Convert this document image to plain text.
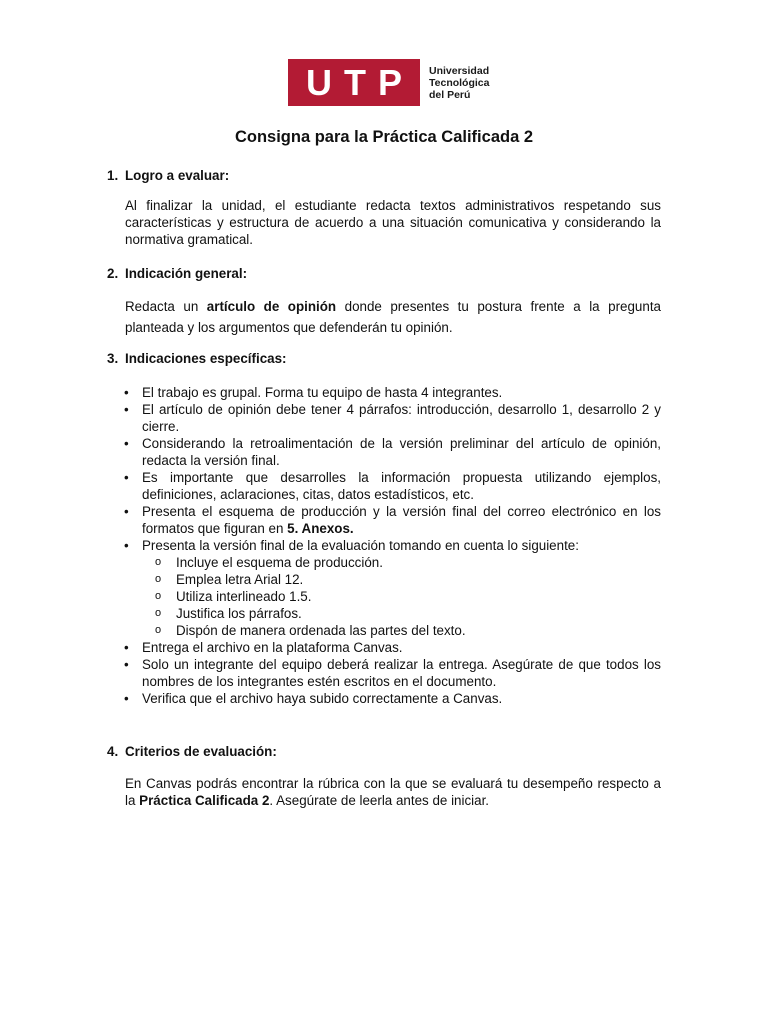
UTP Universidad
Tecnológica
del Perú
Consigna para la Práctica Calificada 2
1. Logro a evaluar:

Al finalizar la unidad, el estudiante redacta textos administrativos respetando sus características y estructura de acuerdo a una situación comunicativa y considerando la normativa gramatical.

2. Indicación general:

Redacta un artículo de opinión donde presentes tu postura frente a la pregunta planteada y los argumentos que defenderán tu opinión.

3. Indicaciones específicas:
• El trabajo es grupal. Forma tu equipo de hasta 4 integrantes.
• El artículo de opinión debe tener 4 párrafos: introducción, desarrollo 1, desarrollo 2 y cierre.
• Considerando la retroalimentación de la versión preliminar del artículo de opinión, redacta la versión final.
• Es importante que desarrolles la información propuesta utilizando ejemplos, definiciones, aclaraciones, citas, datos estadísticos, etc.
• Presenta el esquema de producción y la versión final del correo electrónico en los formatos que figuran en 5. Anexos.
• Presenta la versión final de la evaluación tomando en cuenta lo siguiente:
o Incluye el esquema de producción.
o Emplea letra Arial 12.
o Utiliza interlineado 1.5.
o Justifica los párrafos.
o Dispón de manera ordenada las partes del texto.
• Entrega el archivo en la plataforma Canvas.
• Solo un integrante del equipo deberá realizar la entrega. Asegúrate de que todos los nombres de los integrantes estén escritos en el documento.
• Verifica que el archivo haya subido correctamente a Canvas.
4. Criterios de evaluación:

En Canvas podrás encontrar la rúbrica con la que se evaluará tu desempeño respecto a la Práctica Calificada 2. Asegúrate de leerla antes de iniciar.
